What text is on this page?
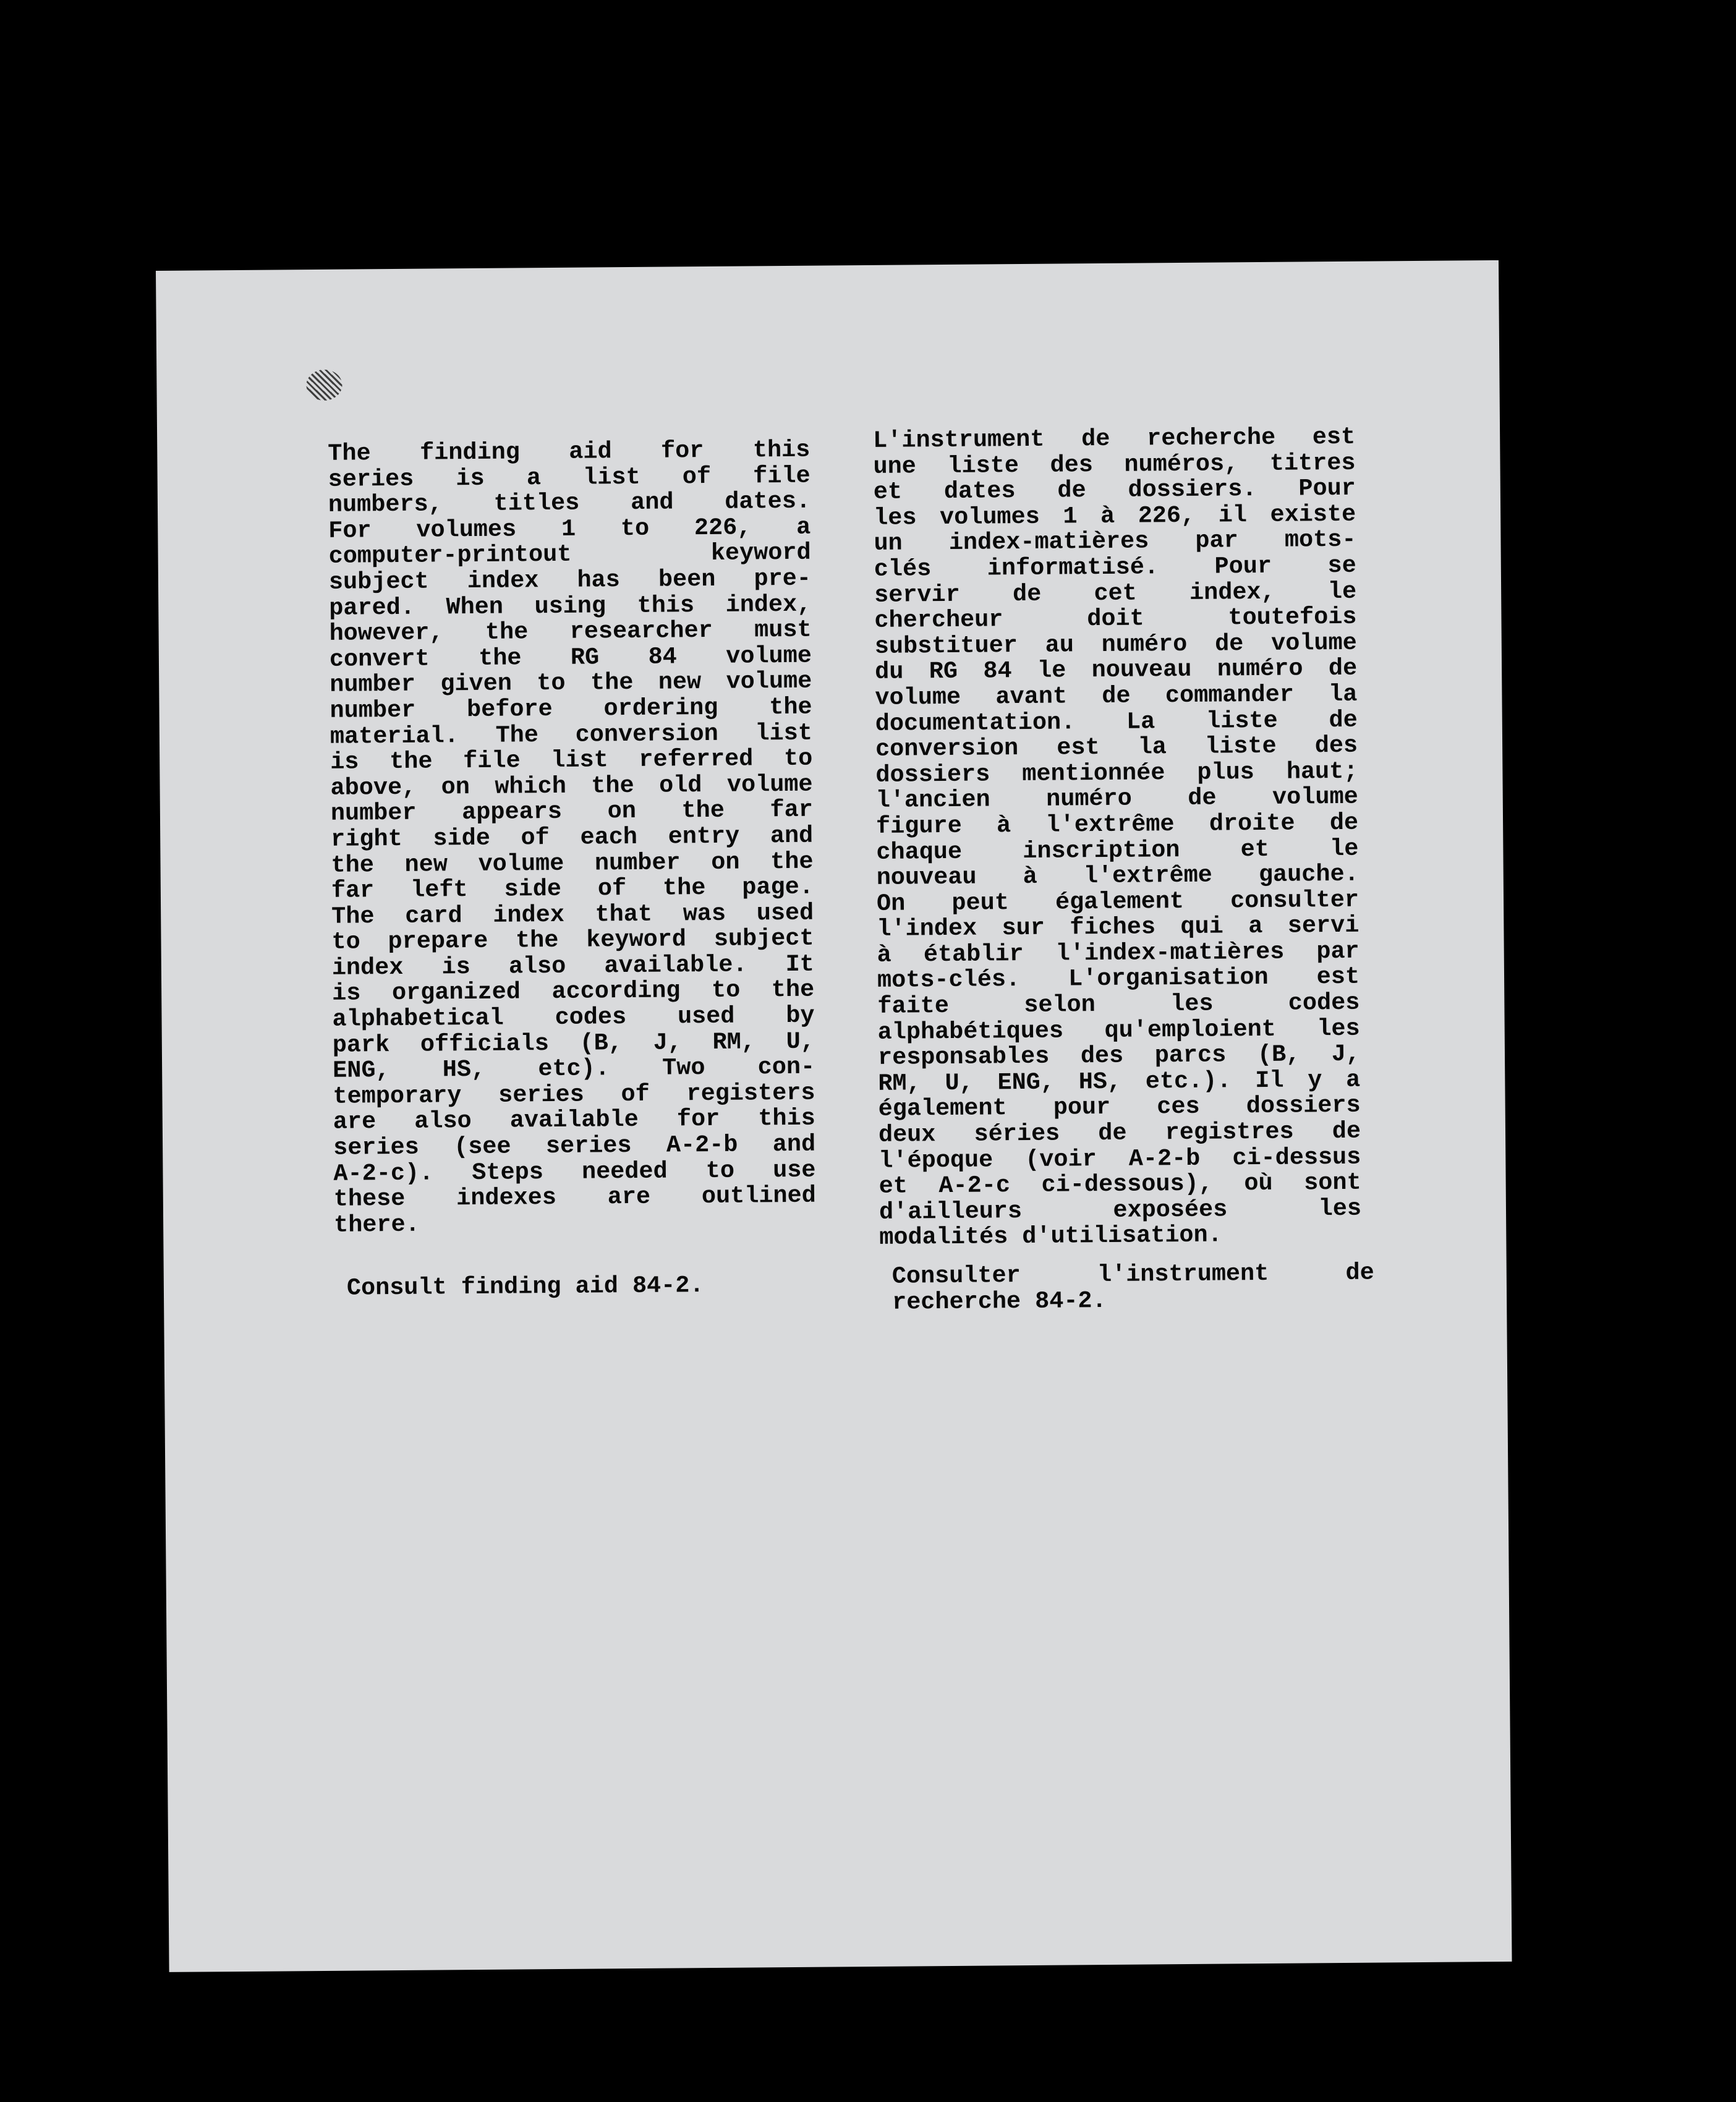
The finding aid for this
series is a list of file
numbers, titles and dates.
For volumes 1 to 226, a
computer-printout keyword
subject index has been pre-
pared. When using this index,
however, the researcher must
convert the RG 84 volume
number given to the new volume
number before ordering the
material. The conversion list
is the file list referred to
above, on which the old volume
number appears on the far
right side of each entry and
the new volume number on the
far left side of the page.
The card index that was used
to prepare the keyword subject
index is also available. It
is organized according to the
alphabetical codes used by
park officials (B, J, RM, U,
ENG, HS, etc). Two con-
temporary series of registers
are also available for this
series (see series A-2-b and
A-2-c). Steps needed to use
these indexes are outlined
there.
L'instrument de recherche est
une liste des numéros, titres
et dates de dossiers. Pour
les volumes 1 à 226, il existe
un index-matières par mots-
clés informatisé. Pour se
servir de cet index, le
chercheur doit toutefois
substituer au numéro de volume
du RG 84 le nouveau numéro de
volume avant de commander la
documentation. La liste de
conversion est la liste des
dossiers mentionnée plus haut;
l'ancien numéro de volume
figure à l'extrême droite de
chaque inscription et le
nouveau à l'extrême gauche.
On peut également consulter
l'index sur fiches qui a servi
à établir l'index-matières par
mots-clés. L'organisation est
faite selon les codes
alphabétiques qu'emploient les
responsables des parcs (B, J,
RM, U, ENG, HS, etc.). Il y a
également pour ces dossiers
deux séries de registres de
l'époque (voir A-2-b ci-dessus
et A-2-c ci-dessous), où sont
d'ailleurs exposées les
modalités d'utilisation.
Consult finding aid 84-2.	Consulter l'instrument de
recherche 84-2.
